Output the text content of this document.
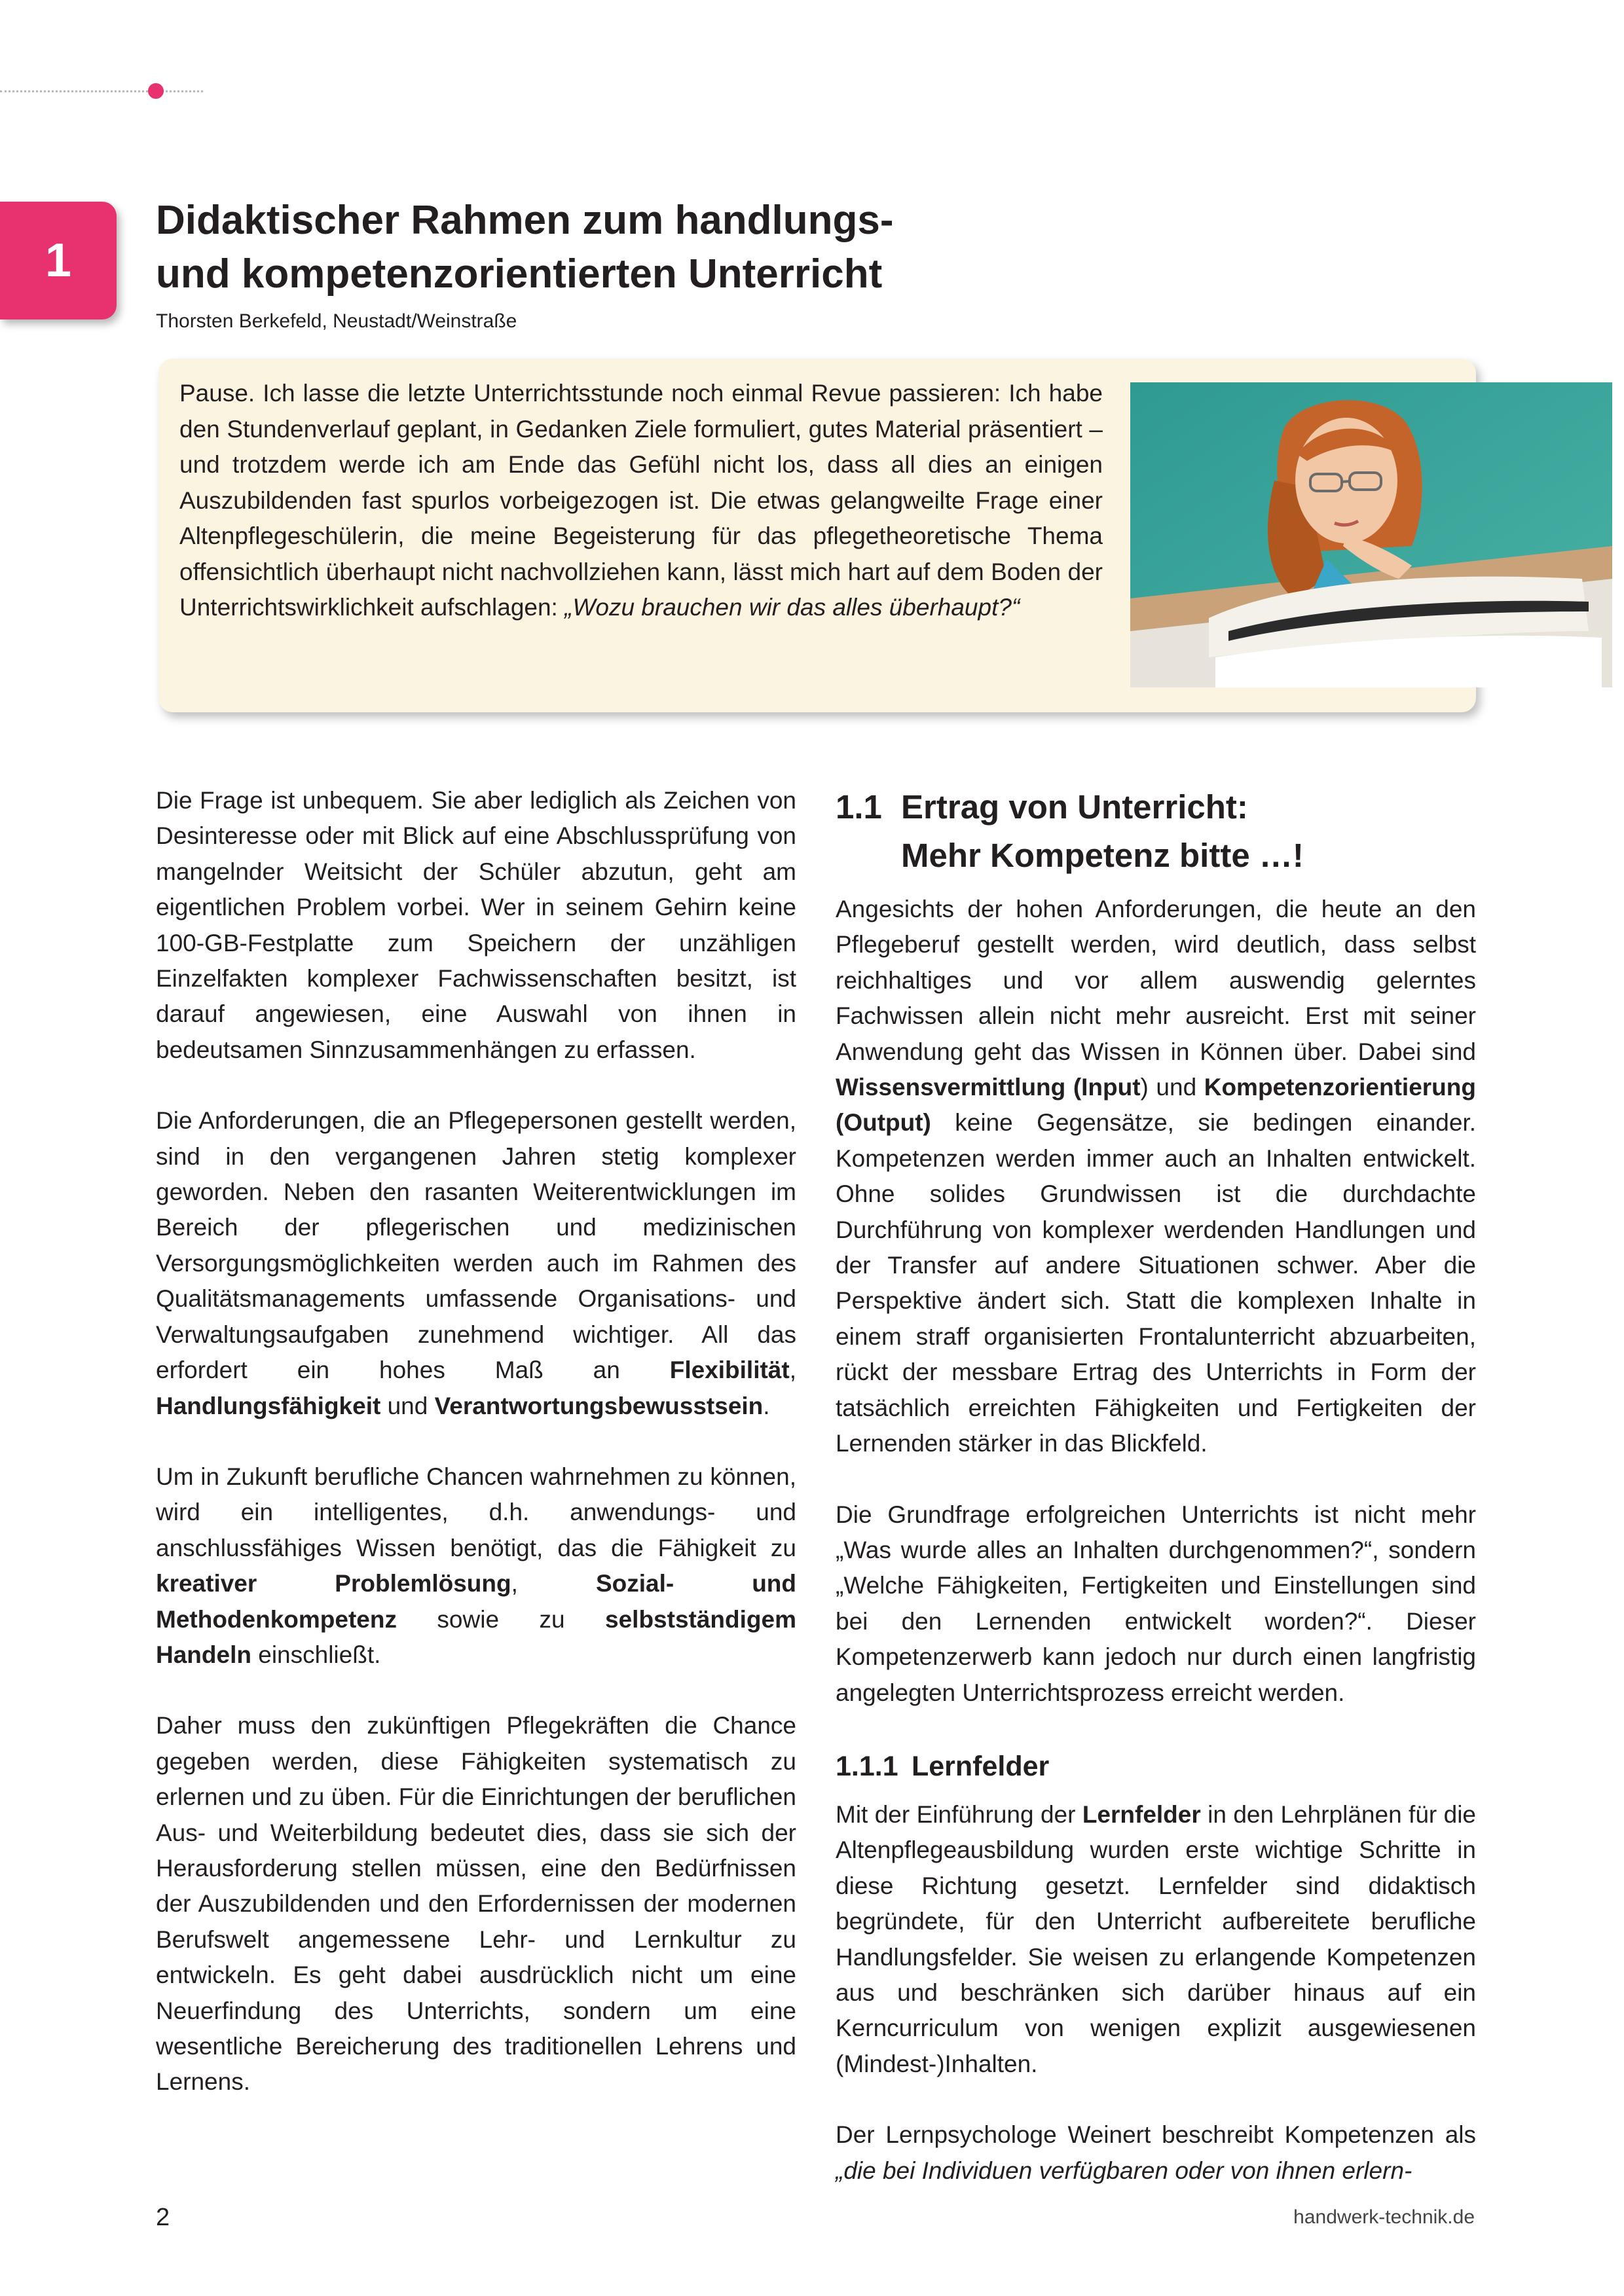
1
Didaktischer Rahmen zum handlungs-
und kompetenzorientierten Unterricht
Thorsten Berkefeld, Neustadt/Weinstraße

Pause. Ich lasse die letzte Unterrichtsstunde noch einmal Revue passieren: Ich habe den Stundenverlauf geplant, in Gedanken Ziele formuliert, gutes Material präsentiert – und trotzdem werde ich am Ende das Gefühl nicht los, dass all dies an einigen Auszubildenden fast spurlos vorbeigezogen ist. Die etwas gelangweilte Frage einer Altenpflegeschülerin, die meine Begeisterung für das pflegetheoretische Thema offensichtlich überhaupt nicht nachvollziehen kann, lässt mich hart auf dem Boden der Unterrichtswirklichkeit aufschlagen: „Wozu brauchen wir das alles überhaupt?“

Die Frage ist unbequem. Sie aber lediglich als Zeichen von Desinteresse oder mit Blick auf eine Abschlussprüfung von mangelnder Weitsicht der Schüler abzutun, geht am eigentlichen Problem vorbei. Wer in seinem Gehirn keine 100-GB-Festplatte zum Speichern der unzähligen Einzelfakten komplexer Fachwissenschaften besitzt, ist darauf angewiesen, eine Auswahl von ihnen in bedeutsamen Sinnzusammenhängen zu erfassen.

Die Anforderungen, die an Pflegepersonen gestellt werden, sind in den vergangenen Jahren stetig komplexer geworden. Neben den rasanten Weiterentwicklungen im Bereich der pflegerischen und medizinischen Versorgungsmöglichkeiten werden auch im Rahmen des Qualitätsmanagements umfassende Organisations- und Verwaltungsaufgaben zunehmend wichtiger. All das erfordert ein hohes Maß an Flexibilität, Handlungsfähigkeit und Verantwortungsbewusstsein.

Um in Zukunft berufliche Chancen wahrnehmen zu können, wird ein intelligentes, d.h. anwendungs- und anschlussfähiges Wissen benötigt, das die Fähigkeit zu kreativer Problemlösung, Sozial- und Methodenkompetenz sowie zu selbstständigem Handeln einschließt.

Daher muss den zukünftigen Pflegekräften die Chance gegeben werden, diese Fähigkeiten systematisch zu erlernen und zu üben. Für die Einrichtungen der beruflichen Aus- und Weiterbildung bedeutet dies, dass sie sich der Herausforderung stellen müssen, eine den Bedürfnissen der Auszubildenden und den Erfordernissen der modernen Berufswelt angemessene Lehr- und Lernkultur zu entwickeln. Es geht dabei ausdrücklich nicht um eine Neuerfindung des Unterrichts, sondern um eine wesentliche Bereicherung des traditionellen Lehrens und Lernens.

1.1 Ertrag von Unterricht:
Mehr Kompetenz bitte …!

Angesichts der hohen Anforderungen, die heute an den Pflegeberuf gestellt werden, wird deutlich, dass selbst reichhaltiges und vor allem auswendig gelerntes Fachwissen allein nicht mehr ausreicht. Erst mit seiner Anwendung geht das Wissen in Können über. Dabei sind Wissensvermittlung (Input) und Kompetenzorientierung (Output) keine Gegensätze, sie bedingen einander. Kompetenzen werden immer auch an Inhalten entwickelt. Ohne solides Grundwissen ist die durchdachte Durchführung von komplexer werdenden Handlungen und der Transfer auf andere Situationen schwer. Aber die Perspektive ändert sich. Statt die komplexen Inhalte in einem straff organisierten Frontalunterricht abzuarbeiten, rückt der messbare Ertrag des Unterrichts in Form der tatsächlich erreichten Fähigkeiten und Fertigkeiten der Lernenden stärker in das Blickfeld.

Die Grundfrage erfolgreichen Unterrichts ist nicht mehr „Was wurde alles an Inhalten durchgenommen?“, sondern „Welche Fähigkeiten, Fertigkeiten und Einstellungen sind bei den Lernenden entwickelt worden?“. Dieser Kompetenzerwerb kann jedoch nur durch einen langfristig angelegten Unterrichtsprozess erreicht werden.

1.1.1 Lernfelder

Mit der Einführung der Lernfelder in den Lehrplänen für die Altenpflegeausbildung wurden erste wichtige Schritte in diese Richtung gesetzt. Lernfelder sind didaktisch begründete, für den Unterricht aufbereitete berufliche Handlungsfelder. Sie weisen zu erlangende Kompetenzen aus und beschränken sich darüber hinaus auf ein Kerncurriculum von wenigen explizit ausgewiesenen (Mindest-)Inhalten.

Der Lernpsychologe Weinert beschreibt Kompetenzen als „die bei Individuen verfügbaren oder von ihnen erlern-

2	handwerk-technik.de
